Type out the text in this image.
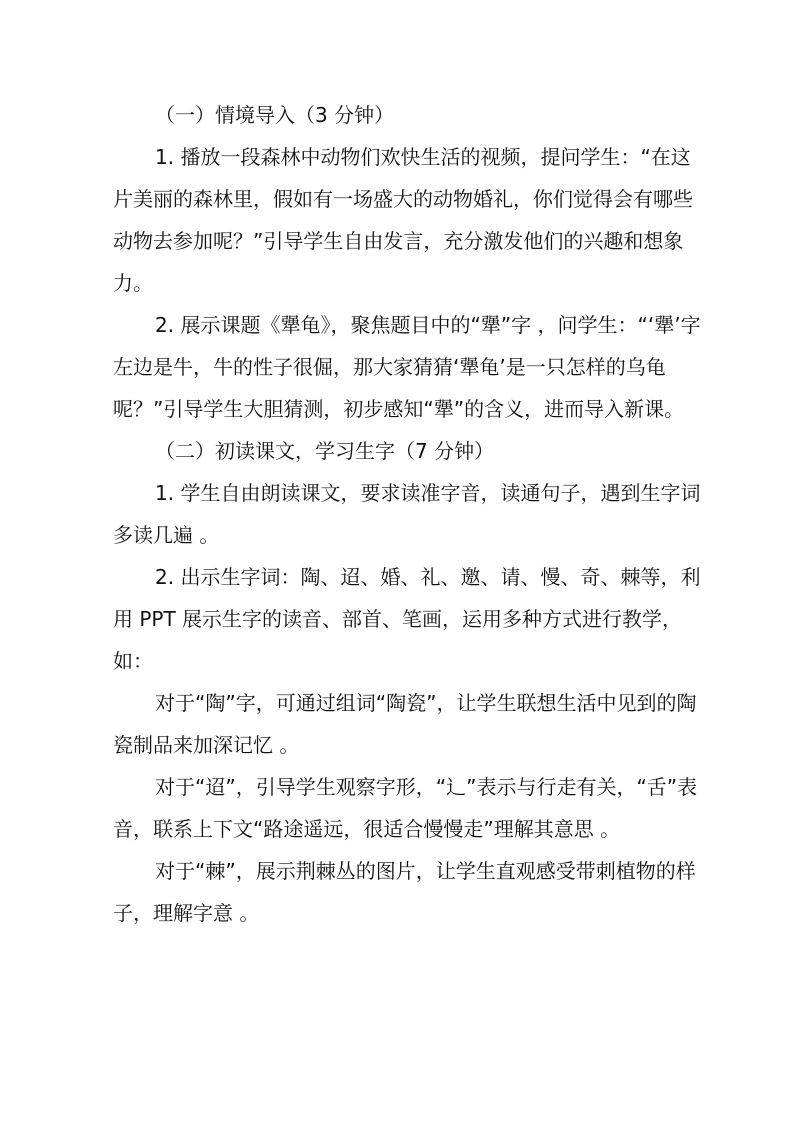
（一）情境导入（3 分钟）

1. 播放一段森林中动物们欢快生活的视频，提问学生：“在这片美丽的森林里，假如有一场盛大的动物婚礼，你们觉得会有哪些动物去参加呢？”引导学生自由发言，充分激发他们的兴趣和想象力。

2. 展示课题《犟龟》，聚焦题目中的“犟”字 ，问学生：“‘犟’字左边是牛，牛的性子很倔，那大家猜猜‘犟龟’是一只怎样的乌龟呢？”引导学生大胆猜测，初步感知“犟”的含义，进而导入新课。

（二）初读课文，学习生字（7 分钟）

1. 学生自由朗读课文，要求读准字音，读通句子，遇到生字词多读几遍 。

2. 出示生字词：陶、迢、婚、礼、邀、请、慢、奇、棘等，利用 PPT 展示生字的读音、部首、笔画，运用多种方式进行教学，如：

对于“陶”字，可通过组词“陶瓷”，让学生联想生活中见到的陶瓷制品来加深记忆 。

对于“迢”，引导学生观察字形，“辶”表示与行走有关，“舌”表音，联系上下文“路途遥远，很适合慢慢走”理解其意思 。

对于“棘”，展示荆棘丛的图片，让学生直观感受带刺植物的样子，理解字意 。
